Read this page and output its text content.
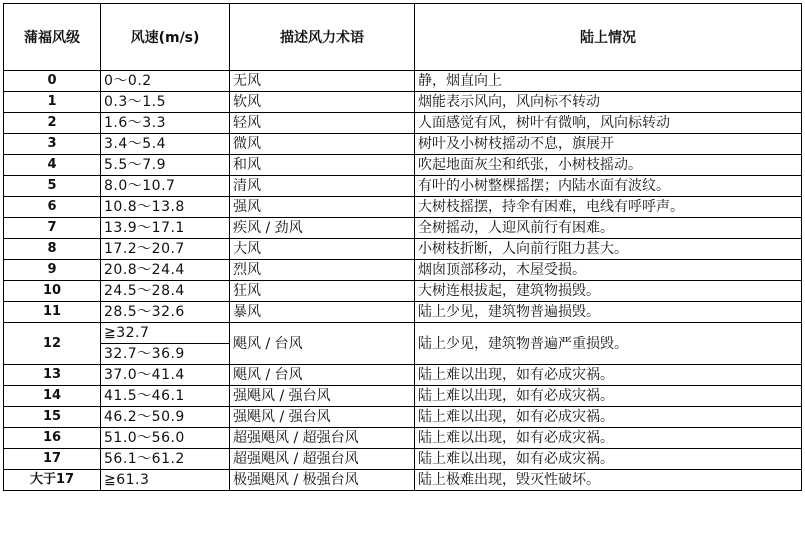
蒲福风级	风速(m/s)	描述风力术语	陆上情况
0	0～0.2	无风	静，烟直向上
1	0.3～1.5	软风	烟能表示风向，风向标不转动
2	1.6～3.3	轻风	人面感觉有风，树叶有微响，风向标转动
3	3.4～5.4	微风	树叶及小树枝摇动不息，旗展开
4	5.5～7.9	和风	吹起地面灰尘和纸张，小树枝摇动。
5	8.0～10.7	清风	有叶的小树整棵摇摆；内陆水面有波纹。
6	10.8～13.8	强风	大树枝摇摆，持伞有困难，电线有呼呼声。
7	13.9～17.1	疾风 / 劲风	全树摇动，人迎风前行有困难。
8	17.2～20.7	大风	小树枝折断，人向前行阻力甚大。
9	20.8～24.4	烈风	烟囱顶部移动，木屋受损。
10	24.5～28.4	狂风	大树连根拔起，建筑物损毁。
11	28.5～32.6	暴风	陆上少见，建筑物普遍损毁。
12	≧32.7	飓风 / 台风	陆上少见，建筑物普遍严重损毁。
	32.7～36.9		
13	37.0～41.4	飓风 / 台风	陆上难以出现，如有必成灾祸。
14	41.5～46.1	强飓风 / 强台风	陆上难以出现，如有必成灾祸。
15	46.2～50.9	强飓风 / 强台风	陆上难以出现，如有必成灾祸。
16	51.0～56.0	超强飓风 / 超强台风	陆上难以出现，如有必成灾祸。
17	56.1～61.2	超强飓风 / 超强台风	陆上难以出现，如有必成灾祸。
大于17	≧61.3	极强飓风 / 极强台风	陆上极难出现，毁灭性破坏。
